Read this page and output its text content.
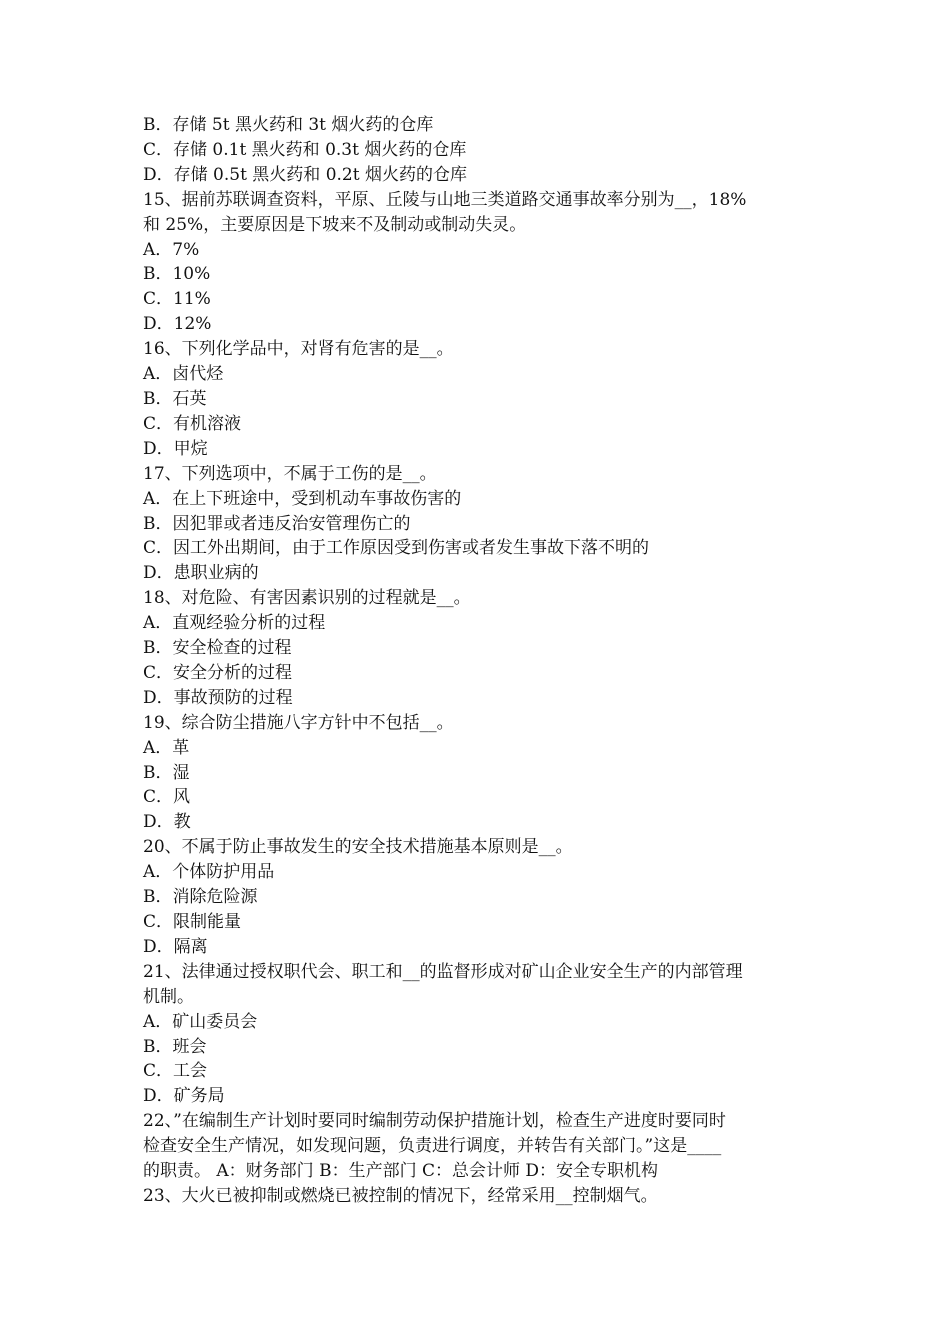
B．存储 5t 黑火药和 3t 烟火药的仓库
C．存储 0.1t 黑火药和 0.3t 烟火药的仓库
D．存储 0.5t 黑火药和 0.2t 烟火药的仓库
15、据前苏联调查资料，平原、丘陵与山地三类道路交通事故率分别为__，18%
和 25%，主要原因是下坡来不及制动或制动失灵。
A．7%
B．10%
C．11%
D．12%
16、下列化学品中，对肾有危害的是__。
A．卤代烃
B．石英
C．有机溶液
D．甲烷
17、下列选项中，不属于工伤的是__。
A．在上下班途中，受到机动车事故伤害的
B．因犯罪或者违反治安管理伤亡的
C．因工外出期间，由于工作原因受到伤害或者发生事故下落不明的
D．患职业病的
18、对危险、有害因素识别的过程就是__。
A．直观经验分析的过程
B．安全检查的过程
C．安全分析的过程
D．事故预防的过程
19、综合防尘措施八字方针中不包括__。
A．革
B．湿
C．风
D．教
20、不属于防止事故发生的安全技术措施基本原则是__。
A．个体防护用品
B．消除危险源
C．限制能量
D．隔离
21、法律通过授权职代会、职工和__的监督形成对矿山企业安全生产的内部管理
机制。
A．矿山委员会
B．班会
C．工会
D．矿务局
22、”在编制生产计划时要同时编制劳动保护措施计划，检查生产进度时要同时
检查安全生产情况，如发现问题，负责进行调度，并转告有关部门。”这是____
的职责。 A：财务部门 B：生产部门 C：总会计师 D：安全专职机构
23、大火已被抑制或燃烧已被控制的情况下，经常采用__控制烟气。
